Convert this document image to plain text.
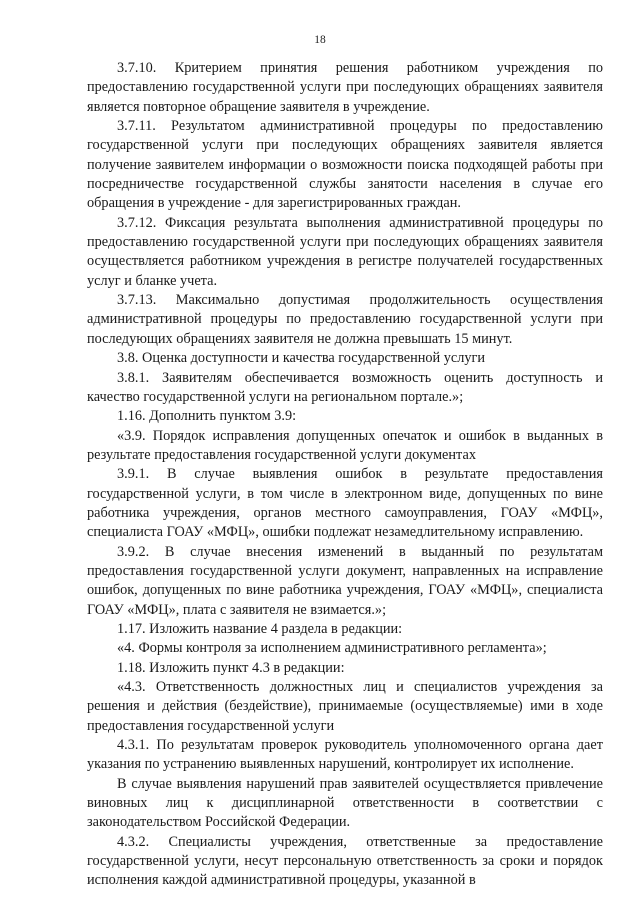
18

3.7.10. Критерием принятия решения работником учреждения по предоставлению государственной услуги при последующих обращениях заявителя является повторное обращение заявителя в учреждение.

3.7.11. Результатом административной процедуры по предоставлению государственной услуги при последующих обращениях заявителя является получение заявителем информации о возможности поиска подходящей работы при посредничестве государственной службы занятости населения в случае его обращения в учреждение - для зарегистрированных граждан.

3.7.12. Фиксация результата выполнения административной процедуры по предоставлению государственной услуги при последующих обращениях заявителя осуществляется работником учреждения в регистре получателей государственных услуг и бланке учета.

3.7.13. Максимально допустимая продолжительность осуществления административной процедуры по предоставлению государственной услуги при последующих обращениях заявителя не должна превышать 15 минут.

3.8. Оценка доступности и качества государственной услуги

3.8.1. Заявителям обеспечивается возможность оценить доступность и качество государственной услуги на региональном портале.»;

1.16. Дополнить пунктом 3.9:

«3.9. Порядок исправления допущенных опечаток и ошибок в выданных в результате предоставления государственной услуги документах

3.9.1. В случае выявления ошибок в результате предоставления государственной услуги, в том числе в электронном виде, допущенных по вине работника учреждения, органов местного самоуправления, ГОАУ «МФЦ», специалиста ГОАУ «МФЦ», ошибки подлежат незамедлительному исправлению.

3.9.2. В случае внесения изменений в выданный по результатам предоставления государственной услуги документ, направленных на исправление ошибок, допущенных по вине работника учреждения, ГОАУ «МФЦ», специалиста ГОАУ «МФЦ», плата с заявителя не взимается.»;

1.17. Изложить название 4 раздела в редакции:

«4. Формы контроля за исполнением административного регламента»;

1.18. Изложить пункт 4.3 в редакции:

«4.3. Ответственность должностных лиц и специалистов учреждения за решения и действия (бездействие), принимаемые (осуществляемые) ими в ходе предоставления государственной услуги

4.3.1. По результатам проверок руководитель уполномоченного органа дает указания по устранению выявленных нарушений, контролирует их исполнение.

В случае выявления нарушений прав заявителей осуществляется привлечение виновных лиц к дисциплинарной ответственности в соответствии с законодательством Российской Федерации.

4.3.2. Специалисты учреждения, ответственные за предоставление государственной услуги, несут персональную ответственность за сроки и порядок исполнения каждой административной процедуры, указанной в
